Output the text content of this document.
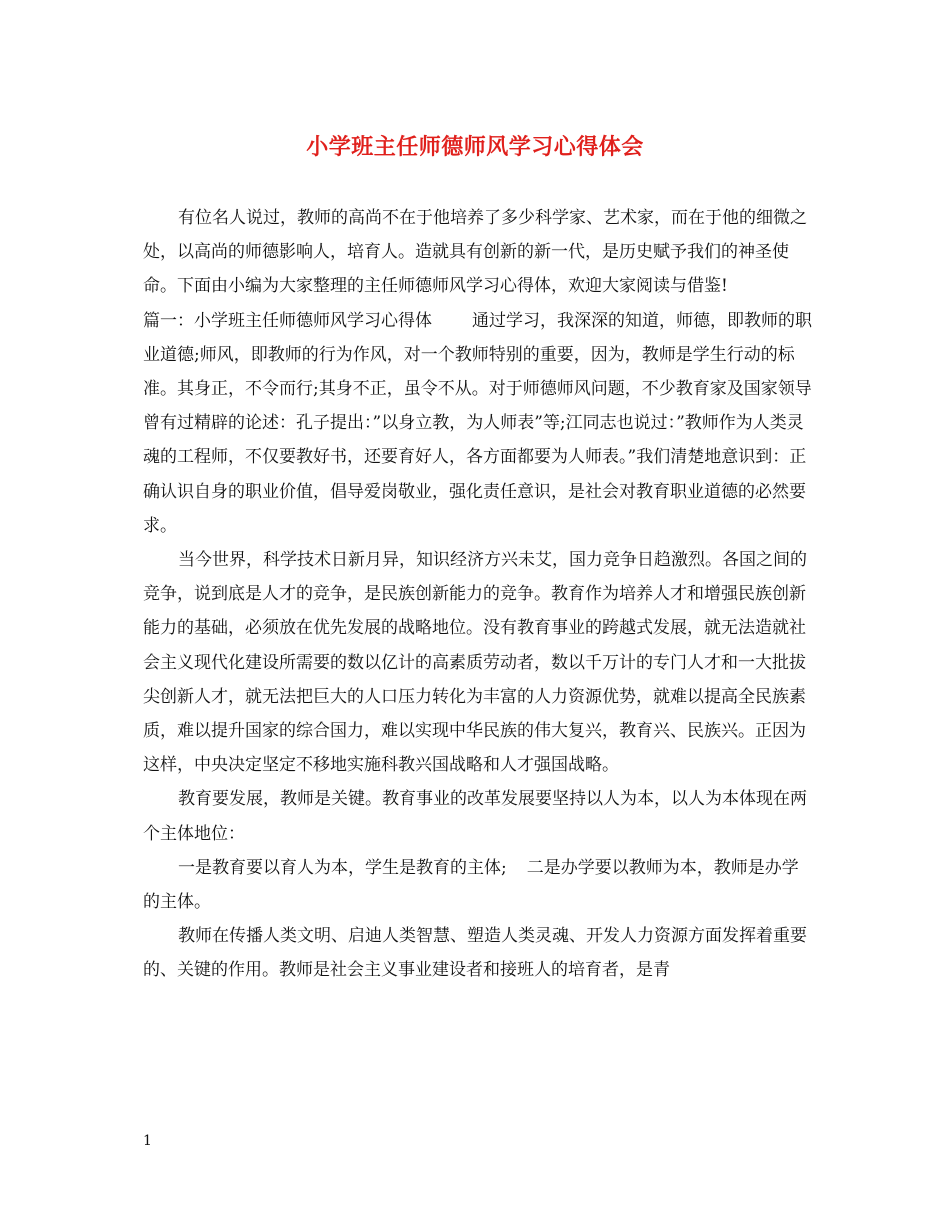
小学班主任师德师风学习心得体会

有位名人说过，教师的高尚不在于他培养了多少科学家、艺术家，而在于他的细微之处，以高尚的师德影响人，培育人。造就具有创新的新一代，是历史赋予我们的神圣使命。下面由小编为大家整理的主任师德师风学习心得体，欢迎大家阅读与借鉴!

篇一：小学班主任师德师风学习心得体 通过学习，我深深的知道，师德，即教师的职业道德;师风，即教师的行为作风，对一个教师特别的重要，因为，教师是学生行动的标准。其身正，不令而行;其身不正，虽令不从。对于师德师风问题，不少教育家及国家领导曾有过精辟的论述：孔子提出：”以身立教，为人师表”等;江同志也说过：”教师作为人类灵魂的工程师，不仅要教好书，还要育好人，各方面都要为人师表。”我们清楚地意识到：正确认识自身的职业价值，倡导爱岗敬业，强化责任意识，是社会对教育职业道德的必然要求。

当今世界，科学技术日新月异，知识经济方兴未艾，国力竞争日趋激烈。各国之间的竞争，说到底是人才的竞争，是民族创新能力的竞争。教育作为培养人才和增强民族创新能力的基础，必须放在优先发展的战略地位。没有教育事业的跨越式发展，就无法造就社会主义现代化建设所需要的数以亿计的高素质劳动者，数以千万计的专门人才和一大批拔尖创新人才，就无法把巨大的人口压力转化为丰富的人力资源优势，就难以提高全民族素质，难以提升国家的综合国力，难以实现中华民族的伟大复兴，教育兴、民族兴。正因为这样，中央决定坚定不移地实施科教兴国战略和人才强国战略。

教育要发展，教师是关键。教育事业的改革发展要坚持以人为本，以人为本体现在两个主体地位：

一是教育要以育人为本，学生是教育的主体; 二是办学要以教师为本，教师是办学的主体。

教师在传播人类文明、启迪人类智慧、塑造人类灵魂、开发人力资源方面发挥着重要的、关键的作用。教师是社会主义事业建设者和接班人的培育者，是青

1
